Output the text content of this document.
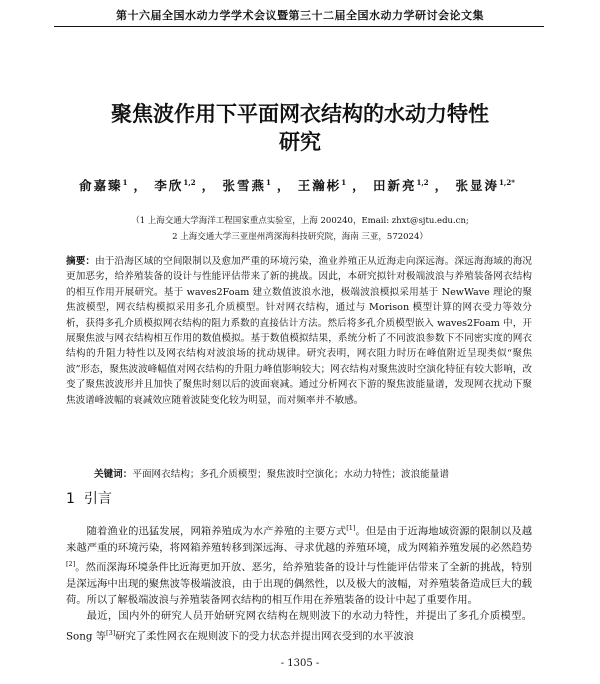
第十六届全国水动力学学术会议暨第三十二届全国水动力学研讨会论文集
聚焦波作用下平面网衣结构的水动力特性
研究
俞嘉臻$^1$ ， 李欣$^{1,2}$ ， 张雪燕$^1$ ， 王瀚彬$^1$ ， 田新亮$^{1,2}$ ， 张显涛$^{1,2*}$
（1 上海交通大学海洋工程国家重点实验室，上海 200240，Email: zhxt@sjtu.edu.cn;
2 上海交通大学三亚崖州湾深海科技研究院，海南 三亚，572024）
摘要：由于沿海区域的空间限制以及愈加严重的环境污染，渔业养殖正从近海走向深远海。深远海海域的海况更加恶劣，给养殖装备的设计与性能评估带来了新的挑战。因此，本研究拟针对极端波浪与养殖装备网衣结构的相互作用开展研究。基于 waves2Foam 建立数值波浪水池，极端波浪模拟采用基于 NewWave 理论的聚焦波模型，网衣结构模拟采用多孔介质模型。针对网衣结构，通过与 Morison 模型计算的网衣受力等效分析，获得多孔介质模拟网衣结构的阻力系数的直接估计方法。然后将多孔介质模型嵌入 waves2Foam 中，开展聚焦波与网衣结构相互作用的数值模拟。基于数值模拟结果，系统分析了不同波浪参数下不同密实度的网衣结构的升阻力特性以及网衣结构对波浪场的扰动规律。研究表明，网衣阻力时历在峰值附近呈现类似“聚焦波”形态，聚焦波波峰幅值对网衣结构的升阻力峰值影响较大；网衣结构对聚焦波时空演化特征有较大影响，改变了聚焦波波形并且加快了聚焦时刻以后的波面衰减。通过分析网衣下游的聚焦波能量谱，发现网衣扰动下聚焦波谱峰波幅的衰减效应随着波陡变化较为明显，而对频率并不敏感。
关键词：平面网衣结构；多孔介质模型；聚焦波时空演化；水动力特性；波浪能量谱
1 引言

随着渔业的迅猛发展，网箱养殖成为水产养殖的主要方式[1]。但是由于近海地域资源的限制以及越来越严重的环境污染，将网箱养殖转移到深远海、寻求优越的养殖环境，成为网箱养殖发展的必然趋势[2]。然而深海环境条件比近海更加开放、恶劣，给养殖装备的设计与性能评估带来了全新的挑战，特别是深远海中出现的聚焦波等极端波浪，由于出现的偶然性，以及极大的波幅，对养殖装备造成巨大的载荷。所以了解极端波浪与养殖装备网衣结构的相互作用在养殖装备的设计中起了重要作用。

最近，国内外的研究人员开始研究网衣结构在规则波下的水动力特性，并提出了多孔介质模型。Song 等[3]研究了柔性网衣在规则波下的受力状态并提出网衣受到的水平波浪

- 1305 -
